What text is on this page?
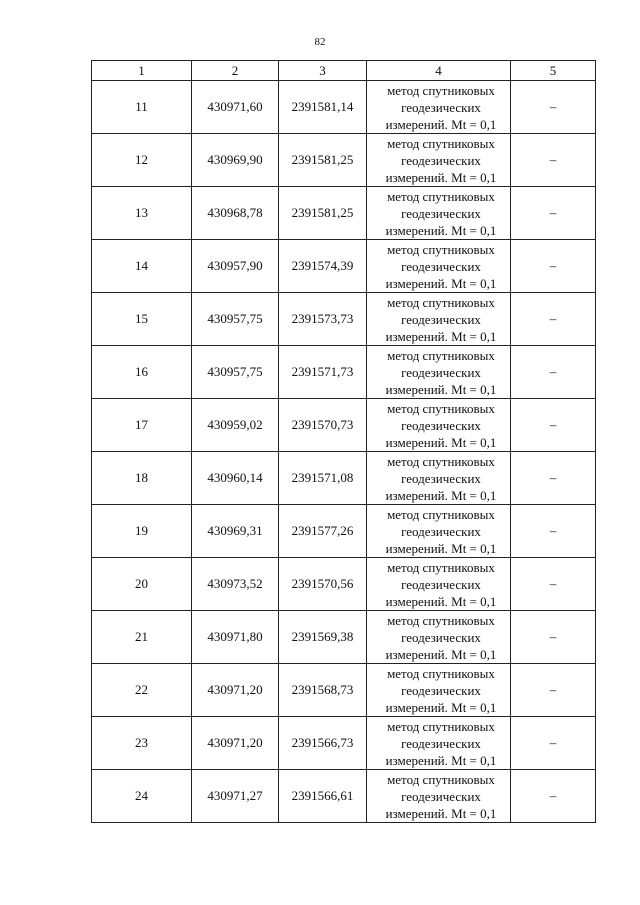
82
1	2	3	4	5
11	430971,60	2391581,14	метод спутниковых
геодезических
измерений. Mt = 0,1	–
12	430969,90	2391581,25	метод спутниковых
геодезических
измерений. Mt = 0,1	–
13	430968,78	2391581,25	метод спутниковых
геодезических
измерений. Mt = 0,1	–
14	430957,90	2391574,39	метод спутниковых
геодезических
измерений. Mt = 0,1	–
15	430957,75	2391573,73	метод спутниковых
геодезических
измерений. Mt = 0,1	–
16	430957,75	2391571,73	метод спутниковых
геодезических
измерений. Mt = 0,1	–
17	430959,02	2391570,73	метод спутниковых
геодезических
измерений. Mt = 0,1	–
18	430960,14	2391571,08	метод спутниковых
геодезических
измерений. Mt = 0,1	–
19	430969,31	2391577,26	метод спутниковых
геодезических
измерений. Mt = 0,1	–
20	430973,52	2391570,56	метод спутниковых
геодезических
измерений. Mt = 0,1	–
21	430971,80	2391569,38	метод спутниковых
геодезических
измерений. Mt = 0,1	–
22	430971,20	2391568,73	метод спутниковых
геодезических
измерений. Mt = 0,1	–
23	430971,20	2391566,73	метод спутниковых
геодезических
измерений. Mt = 0,1	–
24	430971,27	2391566,61	метод спутниковых
геодезических
измерений. Mt = 0,1	–
